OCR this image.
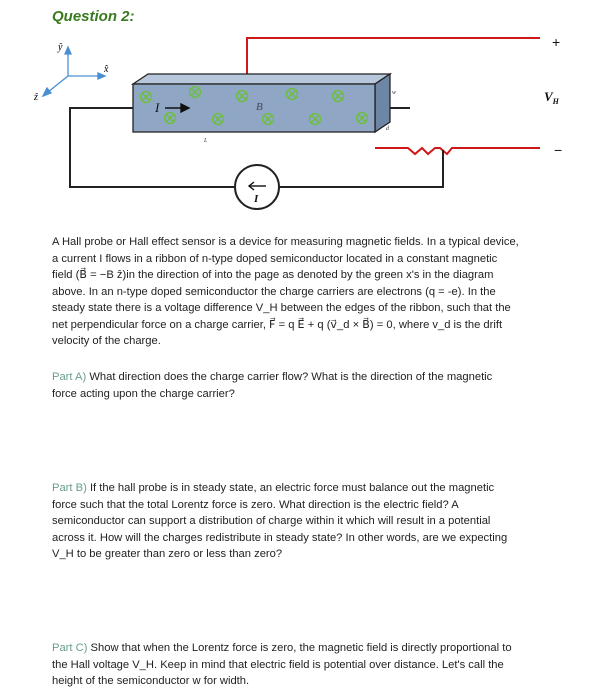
Question 2:
ŷ
x̂
ẑ
I	B
L
w
d
+
−
$V_H$
I
A Hall probe or Hall effect sensor is a device for measuring magnetic fields. In a typical device,
a current I flows in a ribbon of n-type doped semiconductor located in a constant magnetic
field (B⃗ = −B ẑ)in the direction of into the page as denoted by the green x's in the diagram
above. In an n-type doped semiconductor the charge carriers are electrons (q = -e). In the
steady state there is a voltage difference V_H between the edges of the ribbon, such that the
net perpendicular force on a charge carrier, F⃗ = q E⃗ + q (v⃗_d × B⃗) = 0, where v_d is the drift
velocity of the charge.
Part A) What direction does the charge carrier flow? What is the direction of the magnetic
force acting upon the charge carrier?
Part B) If the hall probe is in steady state, an electric force must balance out the magnetic
force such that the total Lorentz force is zero. What direction is the electric field? A
semiconductor can support a distribution of charge within it which will result in a potential
across it. How will the charges redistribute in steady state? In other words, are we expecting
V_H to be greater than zero or less than zero?
Part C) Show that when the Lorentz force is zero, the magnetic field is directly proportional to
the Hall voltage V_H. Keep in mind that electric field is potential over distance. Let's call the
height of the semiconductor w for width.
